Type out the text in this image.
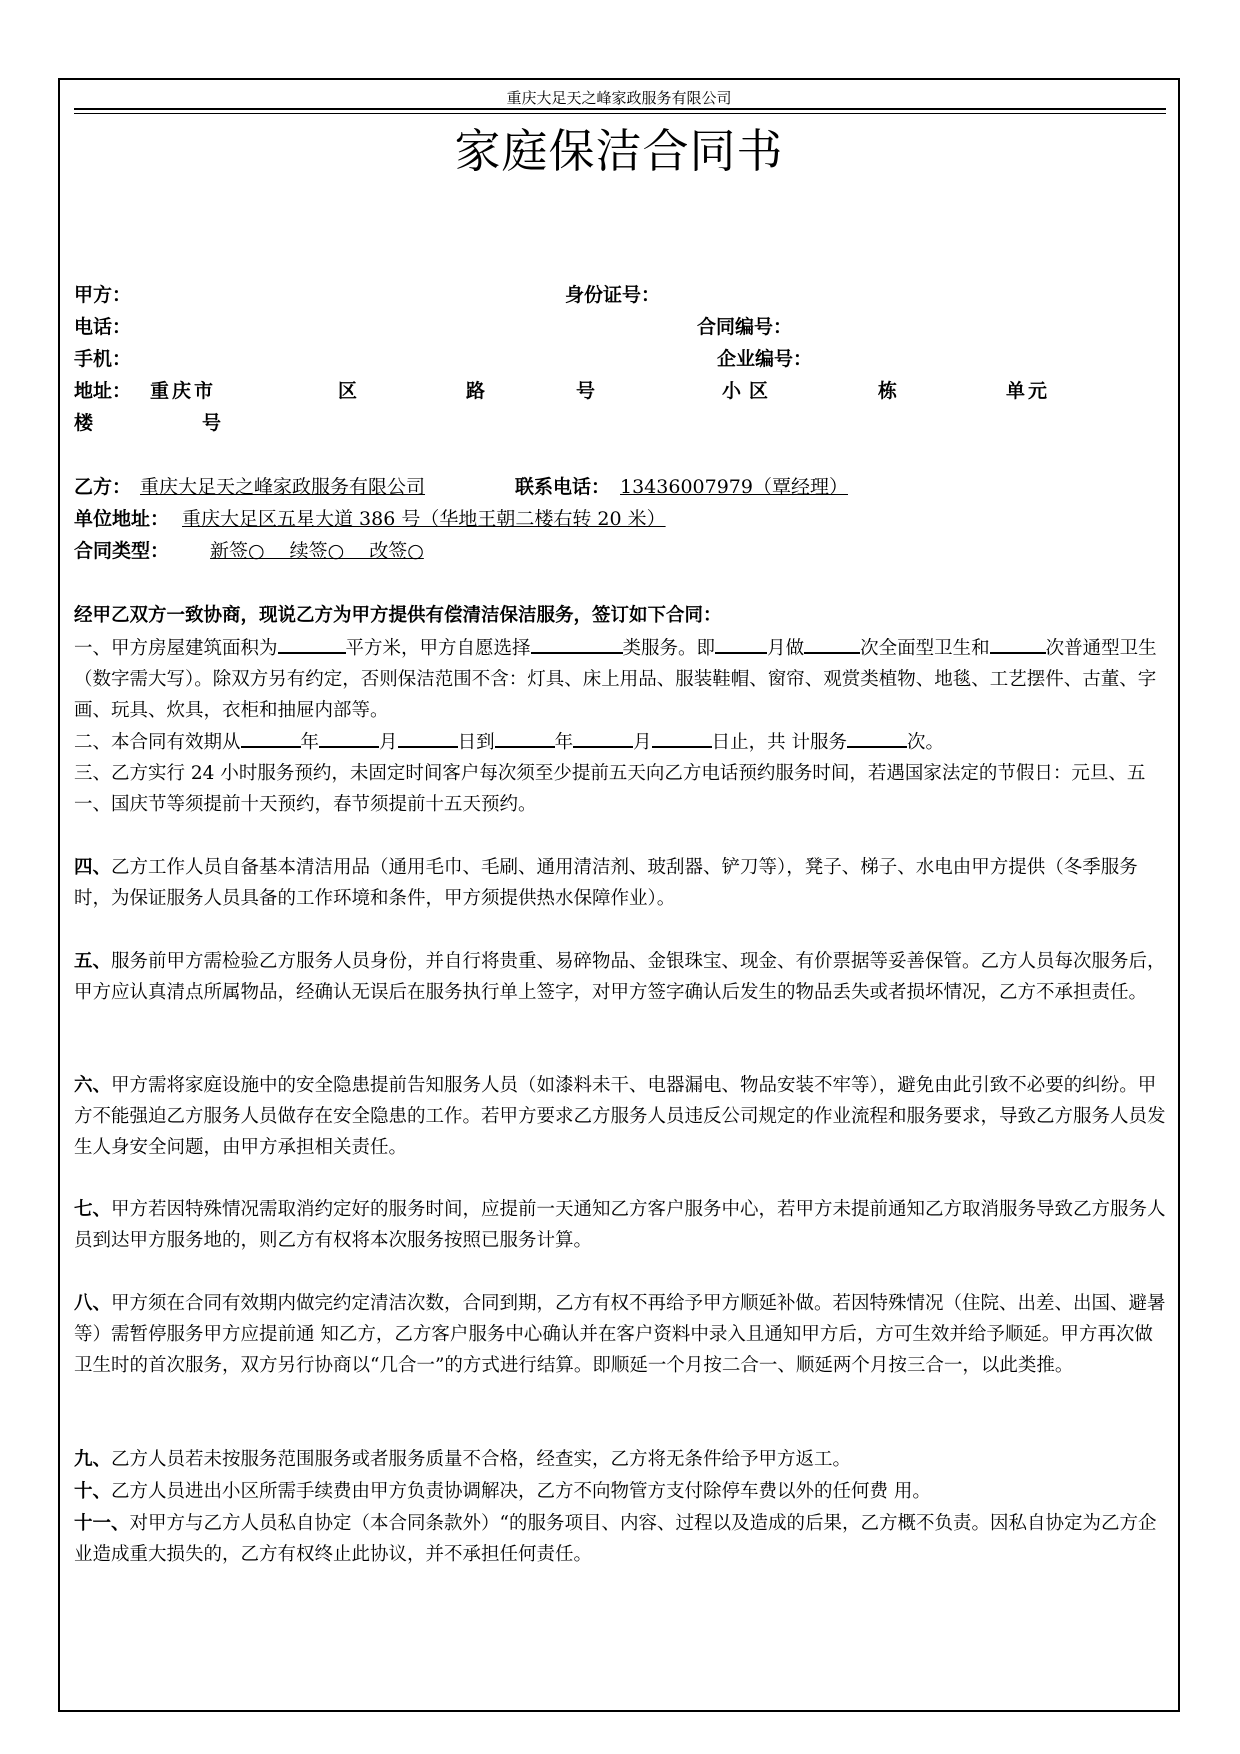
重庆大足天之峰家政服务有限公司
家庭保洁合同书
甲方：	身份证号：
电话：	合同编号：
手机：	企业编号：
地址： 重庆市	区	路	号	小区	栋	单元
楼	号
乙方： 重庆大足天之峰家政服务有限公司	联系电话： 13436007979（覃经理）
单位地址： 重庆大足区五星大道 386 号（华地王朝二楼右转 20 米）
合同类型：	新签○　 续签○ 　改签○
经甲乙双方一致协商，现说乙方为甲方提供有偿清洁保洁服务，签订如下合同：
一、甲方房屋建筑面积为	平方米，甲方自愿选择	类服务。即	月做	次全面型卫生和	次普通型卫生（数字需大写）。除双方另有约定，否则保洁范围不含：灯具、床上用品、服装鞋帽、窗帘、观赏类植物、地毯、工艺摆件、古董、字画、玩具、炊具，衣柜和抽屉内部等。
二、本合同有效期从	年	月	日到	年	月	日止，共 计服务	次。
三、乙方实行 24 小时服务预约，未固定时间客户每次须至少提前五天向乙方电话预约服务时间，若遇国家法定的节假日：元旦、五一、国庆节等须提前十天预约，春节须提前十五天预约。
四、乙方工作人员自备基本清洁用品（通用毛巾、毛刷、通用清洁剂、玻刮器、铲刀等），凳子、梯子、水电由甲方提供（冬季服务时，为保证服务人员具备的工作环境和条件，甲方须提供热水保障作业）。
五、服务前甲方需检验乙方服务人员身份，并自行将贵重、易碎物品、金银珠宝、现金、有价票据等妥善保管。乙方人员每次服务后，甲方应认真清点所属物品，经确认无误后在服务执行单上签字，对甲方签字确认后发生的物品丢失或者损坏情况，乙方不承担责任。
六、甲方需将家庭设施中的安全隐患提前告知服务人员（如漆料未干、电器漏电、物品安装不牢等），避免由此引致不必要的纠纷。甲方不能强迫乙方服务人员做存在安全隐患的工作。若甲方要求乙方服务人员违反公司规定的作业流程和服务要求，导致乙方服务人员发生人身安全问题，由甲方承担相关责任。
七、甲方若因特殊情况需取消约定好的服务时间，应提前一天通知乙方客户服务中心，若甲方未提前通知乙方取消服务导致乙方服务人员到达甲方服务地的，则乙方有权将本次服务按照已服务计算。
八、甲方须在合同有效期内做完约定清洁次数，合同到期，乙方有权不再给予甲方顺延补做。若因特殊情况（住院、出差、出国、避暑等）需暂停服务甲方应提前通 知乙方，乙方客户服务中心确认并在客户资料中录入且通知甲方后，方可生效并给予顺延。甲方再次做卫生时的首次服务，双方另行协商以“几合一”的方式进行结算。即顺延一个月按二合一、顺延两个月按三合一，以此类推。
九、乙方人员若未按服务范围服务或者服务质量不合格，经查实，乙方将无条件给予甲方返工。
十、乙方人员进出小区所需手续费由甲方负责协调解决，乙方不向物管方支付除停车费以外的任何费 用。
十一、对甲方与乙方人员私自协定（本合同条款外）“的服务项目、内容、过程以及造成的后果，乙方概不负责。因私自协定为乙方企业造成重大损失的，乙方有权终止此协议，并不承担任何责任。
